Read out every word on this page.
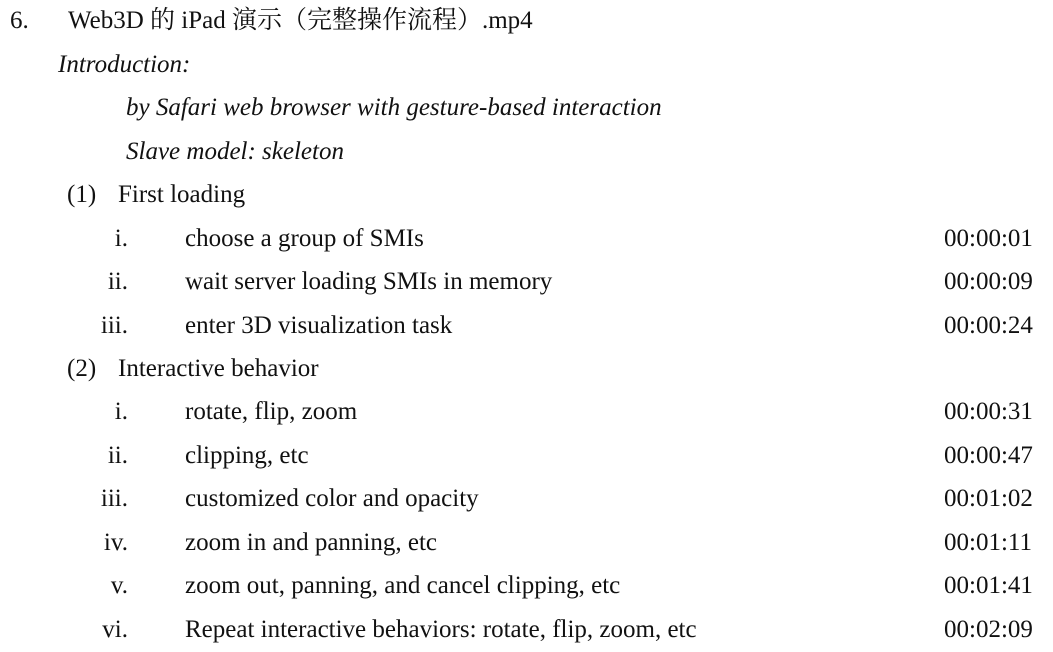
6. Web3D 的 iPad 演示（完整操作流程）.mp4
Introduction:
by Safari web browser with gesture-based interaction
Slave model: skeleton
(1) First loading
i. choose a group of SMIs	00:00:01
ii. wait server loading SMIs in memory	00:00:09
iii. enter 3D visualization task	00:00:24
(2) Interactive behavior
i. rotate, flip, zoom	00:00:31
ii. clipping, etc	00:00:47
iii. customized color and opacity	00:01:02
iv. zoom in and panning, etc	00:01:11
v. zoom out, panning, and cancel clipping, etc	00:01:41
vi. Repeat interactive behaviors: rotate, flip, zoom, etc	00:02:09
